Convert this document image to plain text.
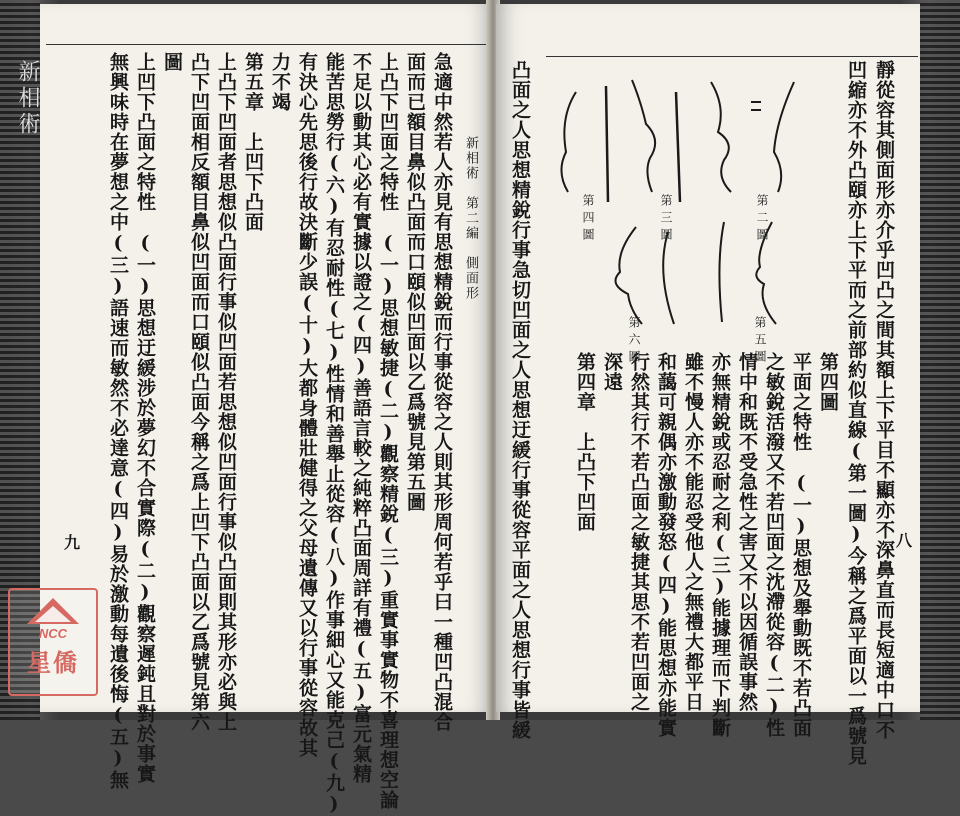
新相術
新相術　第二編　側面形
急適中然若人亦見有思想精銳而行事從容之人則其形周何若乎曰一種凹凸混合
面而已額目鼻似凸面而口頤似凹面以乙爲號見第五圖
上凸下凹面之特性　(一)思想敏捷(二)觀察精銳(三)重實事實物不喜理想空論
不足以動其心必有實據以證之(四)善語言較之純粹凸面周詳有禮(五)富元氣精
能苦思勞行(六)有忍耐性(七)性情和善舉止從容(八)作事細心又能克己(九)
有決心先思後行故決斷少誤(十)大都身體壯健得之父母遺傳又以行事從容故其
力不竭
第五章　上凹下凸面
上凸下凹面者思想似凸面行事似凹面若思想似凹面行事似凸面則其形亦必與上
凸下凹面相反額目鼻似凹面而口頤似凸面今稱之爲上凹下凸面以乙爲號見第六
圖
上凹下凸面之特性　(一)思想迂緩涉於夢幻不合實際(二)觀察遲鈍且對於事實
無興味時在夢想之中(三)語速而敏然不必達意(四)易於激動每遺後悔(五)無
九	靜從容其側面形亦介乎凹凸之間其額上下平目不顯亦不深鼻直而長短適中口不
凹縮亦不外凸頤亦上下平而之前部約似直線(第一圖)今稱之爲平面以一爲號見
第四圖
平面之特性　(一)思想及舉動既不若凸面
之敏銳活潑又不若凹面之沈滯從容(二)性
情中和既不受急性之害又不以因循誤事然
亦無精銳或忍耐之利(三)能據理而下判斷
雖不慢人亦不能忍受他人之無禮大都平日
和藹可親偶亦激動發怒(四)能思想亦能實
行然其行不若凸面之敏捷其思不若凹面之
深遠
第四章　上凸下凹面
凸面之人思想精銳行事急切凹面之人思想迂緩行事從容平面之人思想行事皆緩	八
第二圖
第三圖
第四圖
第五圖
第六圖
NCC
星僑
